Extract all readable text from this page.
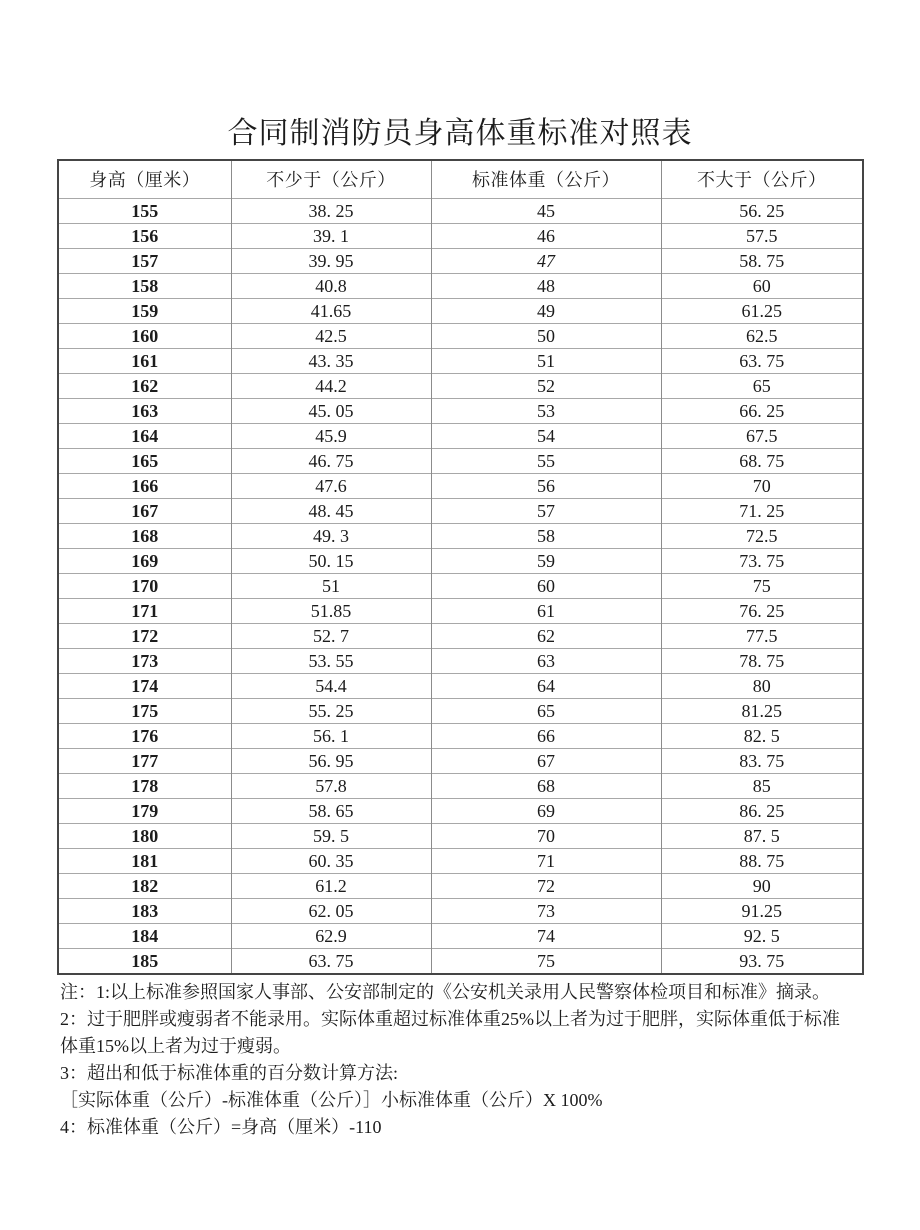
合同制消防员身高体重标准对照表
身高（厘米）	不少于（公斤）	标准体重（公斤）	不大于（公斤）
155	38. 25	45	56. 25
156	39. 1	46	57.5
157	39. 95	47	58. 75
158	40.8	48	60
159	41.65	49	61.25
160	42.5	50	62.5
161	43. 35	51	63. 75
162	44.2	52	65
163	45. 05	53	66. 25
164	45.9	54	67.5
165	46. 75	55	68. 75
166	47.6	56	70
167	48. 45	57	71. 25
168	49. 3	58	72.5
169	50. 15	59	73. 75
170	51	60	75
171	51.85	61	76. 25
172	52. 7	62	77.5
173	53. 55	63	78. 75
174	54.4	64	80
175	55. 25	65	81.25
176	56. 1	66	82. 5
177	56. 95	67	83. 75
178	57.8	68	85
179	58. 65	69	86. 25
180	59. 5	70	87. 5
181	60. 35	71	88. 75
182	61.2	72	90
183	62. 05	73	91.25
184	62.9	74	92. 5
185	63. 75	75	93. 75

注：1:以上标准参照国家人事部、公安部制定的《公安机关录用人民警察体检项目和标准》摘录。

2：过于肥胖或瘦弱者不能录用。实际体重超过标准体重25%以上者为过于肥胖，实际体重低于标准体重15%以上者为过于瘦弱。

3：超出和低于标准体重的百分数计算方法:

［实际体重（公斤）-标准体重（公斤）］小标准体重（公斤）X 100%

4：标准体重（公斤）=身高（厘米）-110
